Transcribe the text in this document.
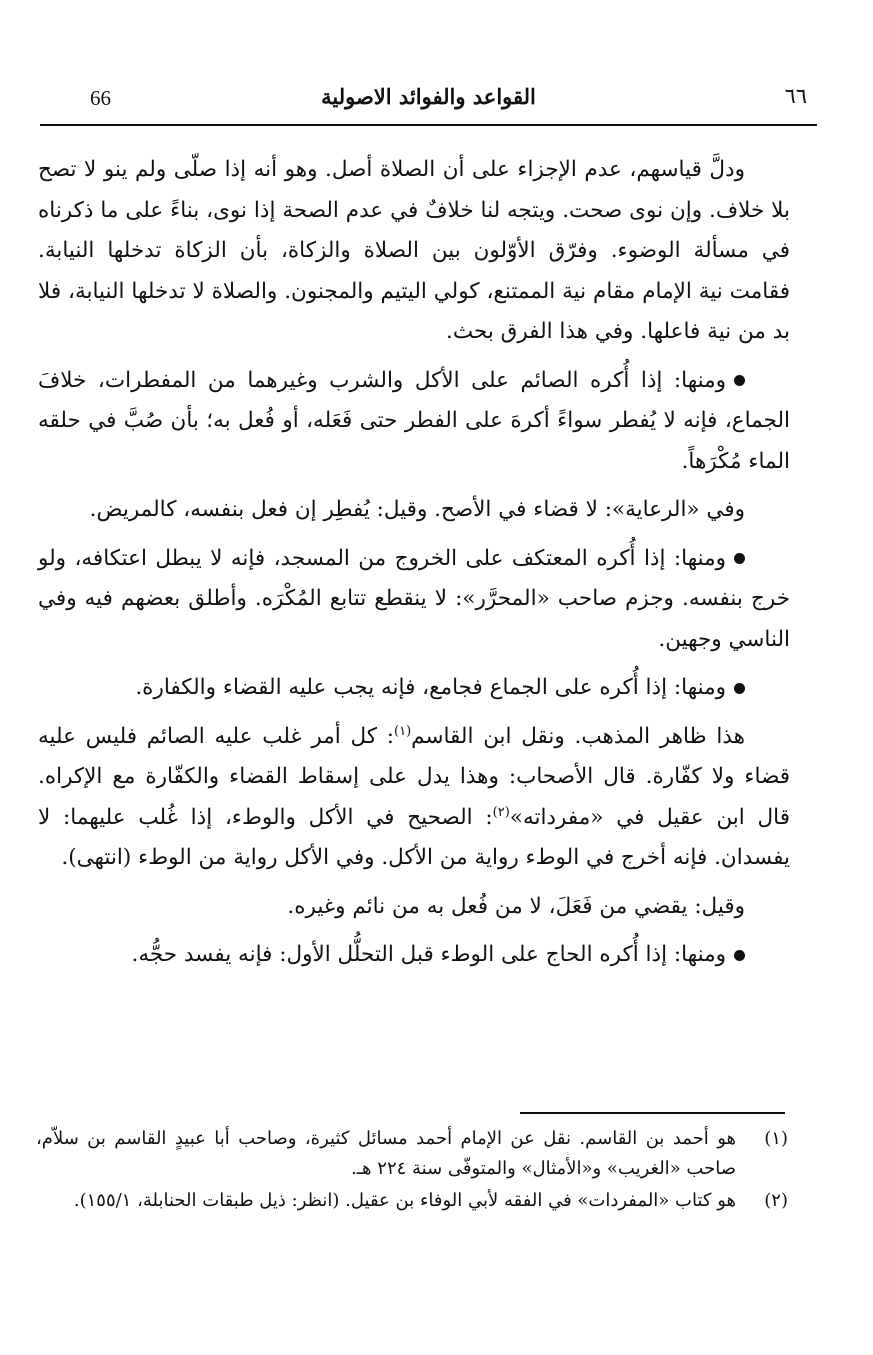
66	القواعد والفوائد الاصولية	٦٦

ودلَّ قياسهم، عدم الإجزاء على أن الصلاة أصل. وهو أنه إذا صلّى ولم ينو لا تصح بلا خلاف. وإن نوى صحت. ويتجه لنا خلافٌ في عدم الصحة إذا نوى، بناءً على ما ذكرناه في مسألة الوضوء. وفرّق الأوّلون بين الصلاة والزكاة، بأن الزكاة تدخلها النيابة. فقامت نية الإمام مقام نية الممتنع، كولي اليتيم والمجنون. والصلاة لا تدخلها النيابة، فلا بد من نية فاعلها. وفي هذا الفرق بحث.

ومنها: إذا أُكره الصائم على الأكل والشرب وغيرهما من المفطرات، خلافَ الجماع، فإنه لا يُفطر سواءً أكرهَ على الفطر حتى فَعَله، أو فُعل به؛ بأن صُبَّ في حلقه الماء مُكْرَهاً.

وفي «الرعاية»: لا قضاء في الأصح. وقيل: يُفطِر إن فعل بنفسه، كالمريض.

ومنها: إذا أُكره المعتكف على الخروج من المسجد، فإنه لا يبطل اعتكافه، ولو خرج بنفسه. وجزم صاحب «المحرَّر»: لا ينقطع تتابع المُكْرَه. وأطلق بعضهم فيه وفي الناسي وجهين.

ومنها: إذا أُكره على الجماع فجامع، فإنه يجب عليه القضاء والكفارة.

هذا ظاهر المذهب. ونقل ابن القاسم$^{(١)}$: كل أمر غلب عليه الصائم فليس عليه قضاء ولا كفّارة. قال الأصحاب: وهذا يدل على إسقاط القضاء والكفّارة مع الإكراه. قال ابن عقيل في «مفرداته»$^{(٢)}$: الصحيح في الأكل والوطء، إذا غُلب عليهما: لا يفسدان. فإنه أخرج في الوطء رواية من الأكل. وفي الأكل رواية من الوطء (انتهى).

وقيل: يقضي من فَعَلَ، لا من فُعل به من نائم وغيره.

ومنها: إذا أُكره الحاج على الوطء قبل التحلُّل الأول: فإنه يفسد حجُّه.

(١)
هو أحمد بن القاسم. نقل عن الإمام أحمد مسائل كثيرة، وصاحب أبا عبيدٍ القاسم بن سلاّم، صاحب «الغريب» و«الأمثال» والمتوفّى سنة ٢٢٤ هـ.
(٢)
هو كتاب «المفردات» في الفقه لأبي الوفاء بن عقيل. (انظر: ذيل طبقات الحنابلة، ١٥٥/١).
